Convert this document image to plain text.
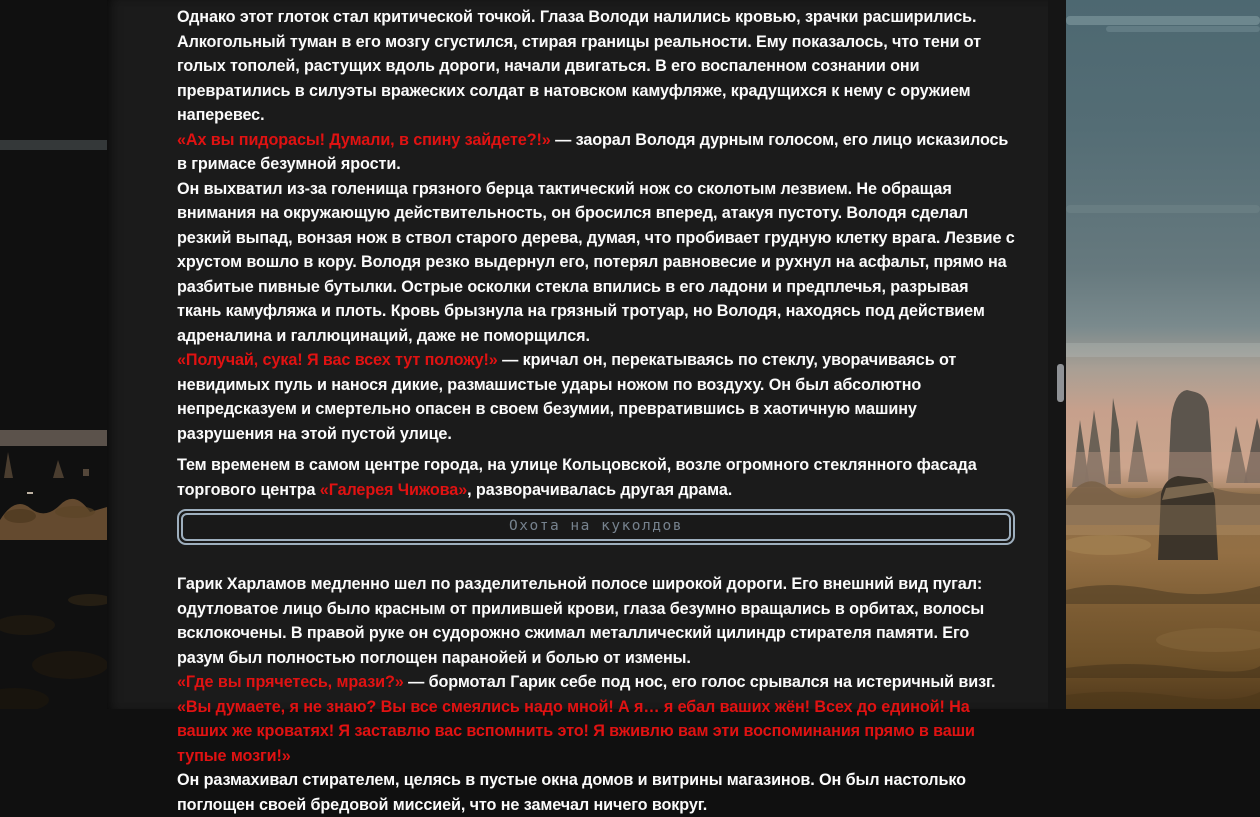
Однако этот глоток стал критической точкой. Глаза Володи налились кровью, зрачки расширились. Алкогольный туман в его мозгу сгустился, стирая границы реальности. Ему показалось, что тени от голых тополей, растущих вдоль дороги, начали двигаться. В его воспаленном сознании они превратились в силуэты вражеских солдат в натовском камуфляже, крадущихся к нему с оружием наперевес.

«Ах вы пидорасы! Думали, в спину зайдете?!» — заорал Володя дурным голосом, его лицо исказилось в гримасе безумной ярости.

Он выхватил из-за голенища грязного берца тактический нож со сколотым лезвием. Не обращая внимания на окружающую действительность, он бросился вперед, атакуя пустоту. Володя сделал резкий выпад, вонзая нож в ствол старого дерева, думая, что пробивает грудную клетку врага. Лезвие с хрустом вошло в кору. Володя резко выдернул его, потерял равновесие и рухнул на асфальт, прямо на разбитые пивные бутылки. Острые осколки стекла впились в его ладони и предплечья, разрывая ткань камуфляжа и плоть. Кровь брызнула на грязный тротуар, но Володя, находясь под действием адреналина и галлюцинаций, даже не поморщился.

«Получай, сука! Я вас всех тут положу!» — кричал он, перекатываясь по стеклу, уворачиваясь от невидимых пуль и нанося дикие, размашистые удары ножом по воздуху. Он был абсолютно непредсказуем и смертельно опасен в своем безумии, превратившись в хаотичную машину разрушения на этой пустой улице.

Тем временем в самом центре города, на улице Кольцовской, возле огромного стеклянного фасада торгового центра «Галерея Чижова», разворачивалась другая драма.

Охота на куколдов

Гарик Харламов медленно шел по разделительной полосе широкой дороги. Его внешний вид пугал: одутловатое лицо было красным от прилившей крови, глаза безумно вращались в орбитах, волосы всклокочены. В правой руке он судорожно сжимал металлический цилиндр стирателя памяти. Его разум был полностью поглощен паранойей и болью от измены.

«Где вы прячетесь, мрази?» — бормотал Гарик себе под нос, его голос срывался на истеричный визг. «Вы думаете, я не знаю? Вы все смеялись надо мной! А я… я ебал ваших жён! Всех до единой! На ваших же кроватях! Я заставлю вас вспомнить это! Я вживлю вам эти воспоминания прямо в ваши тупые мозги!»

Он размахивал стирателем, целясь в пустые окна домов и витрины магазинов. Он был настолько поглощен своей бредовой миссией, что не замечал ничего вокруг.
